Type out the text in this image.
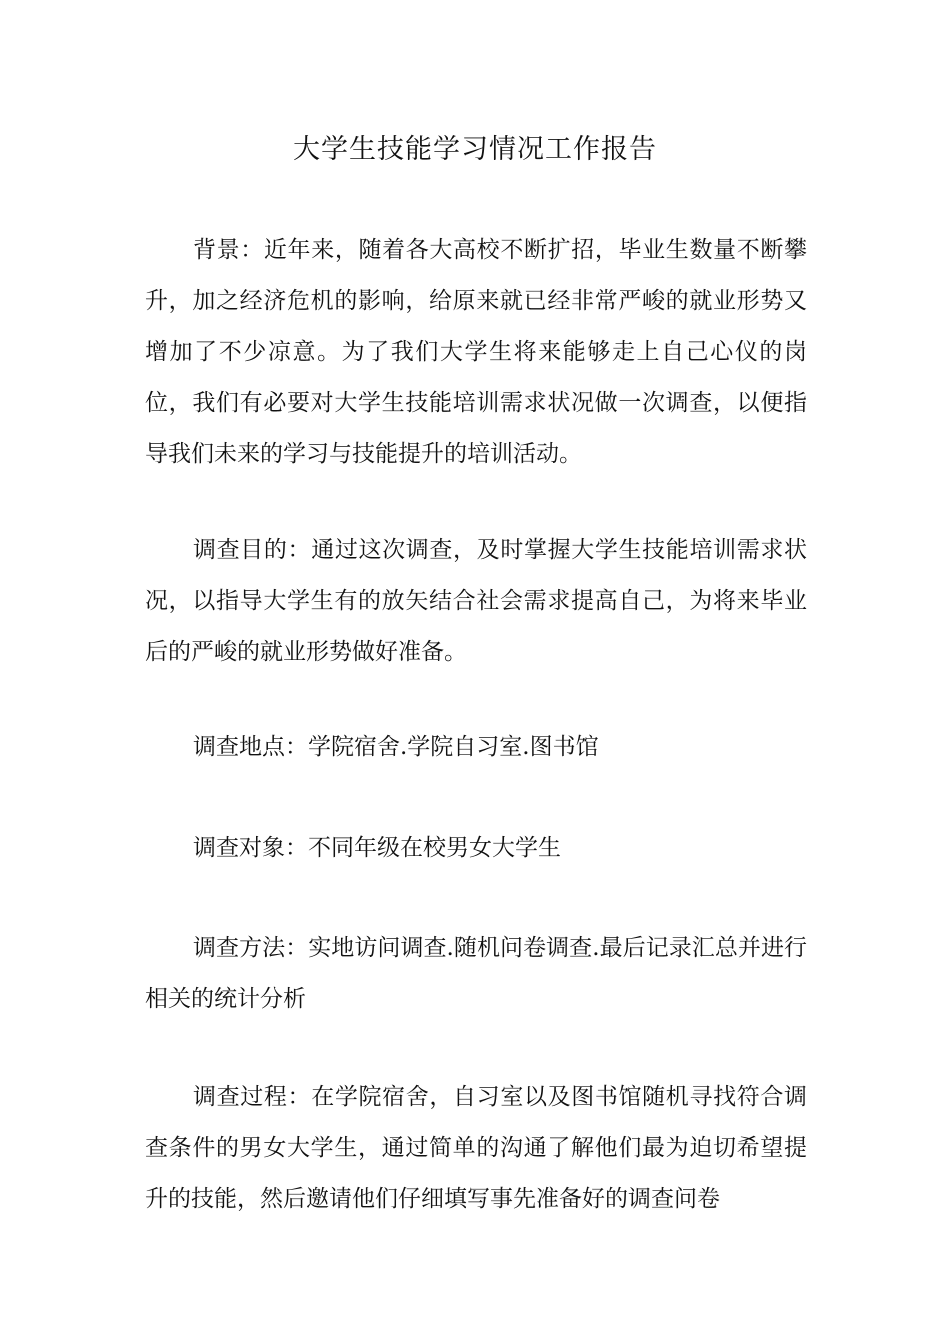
大学生技能学习情况工作报告

背景：近年来，随着各大高校不断扩招，毕业生数量不断攀升，加之经济危机的影响，给原来就已经非常严峻的就业形势又增加了不少凉意。为了我们大学生将来能够走上自己心仪的岗位，我们有必要对大学生技能培训需求状况做一次调查，以便指导我们未来的学习与技能提升的培训活动。

调查目的：通过这次调查，及时掌握大学生技能培训需求状况，以指导大学生有的放矢结合社会需求提高自己，为将来毕业后的严峻的就业形势做好准备。

调查地点：学院宿舍.学院自习室.图书馆

调查对象：不同年级在校男女大学生

调查方法：实地访问调查.随机问卷调查.最后记录汇总并进行相关的统计分析

调查过程：在学院宿舍，自习室以及图书馆随机寻找符合调查条件的男女大学生，通过简单的沟通了解他们最为迫切希望提升的技能，然后邀请他们仔细填写事先准备好的调查问卷
